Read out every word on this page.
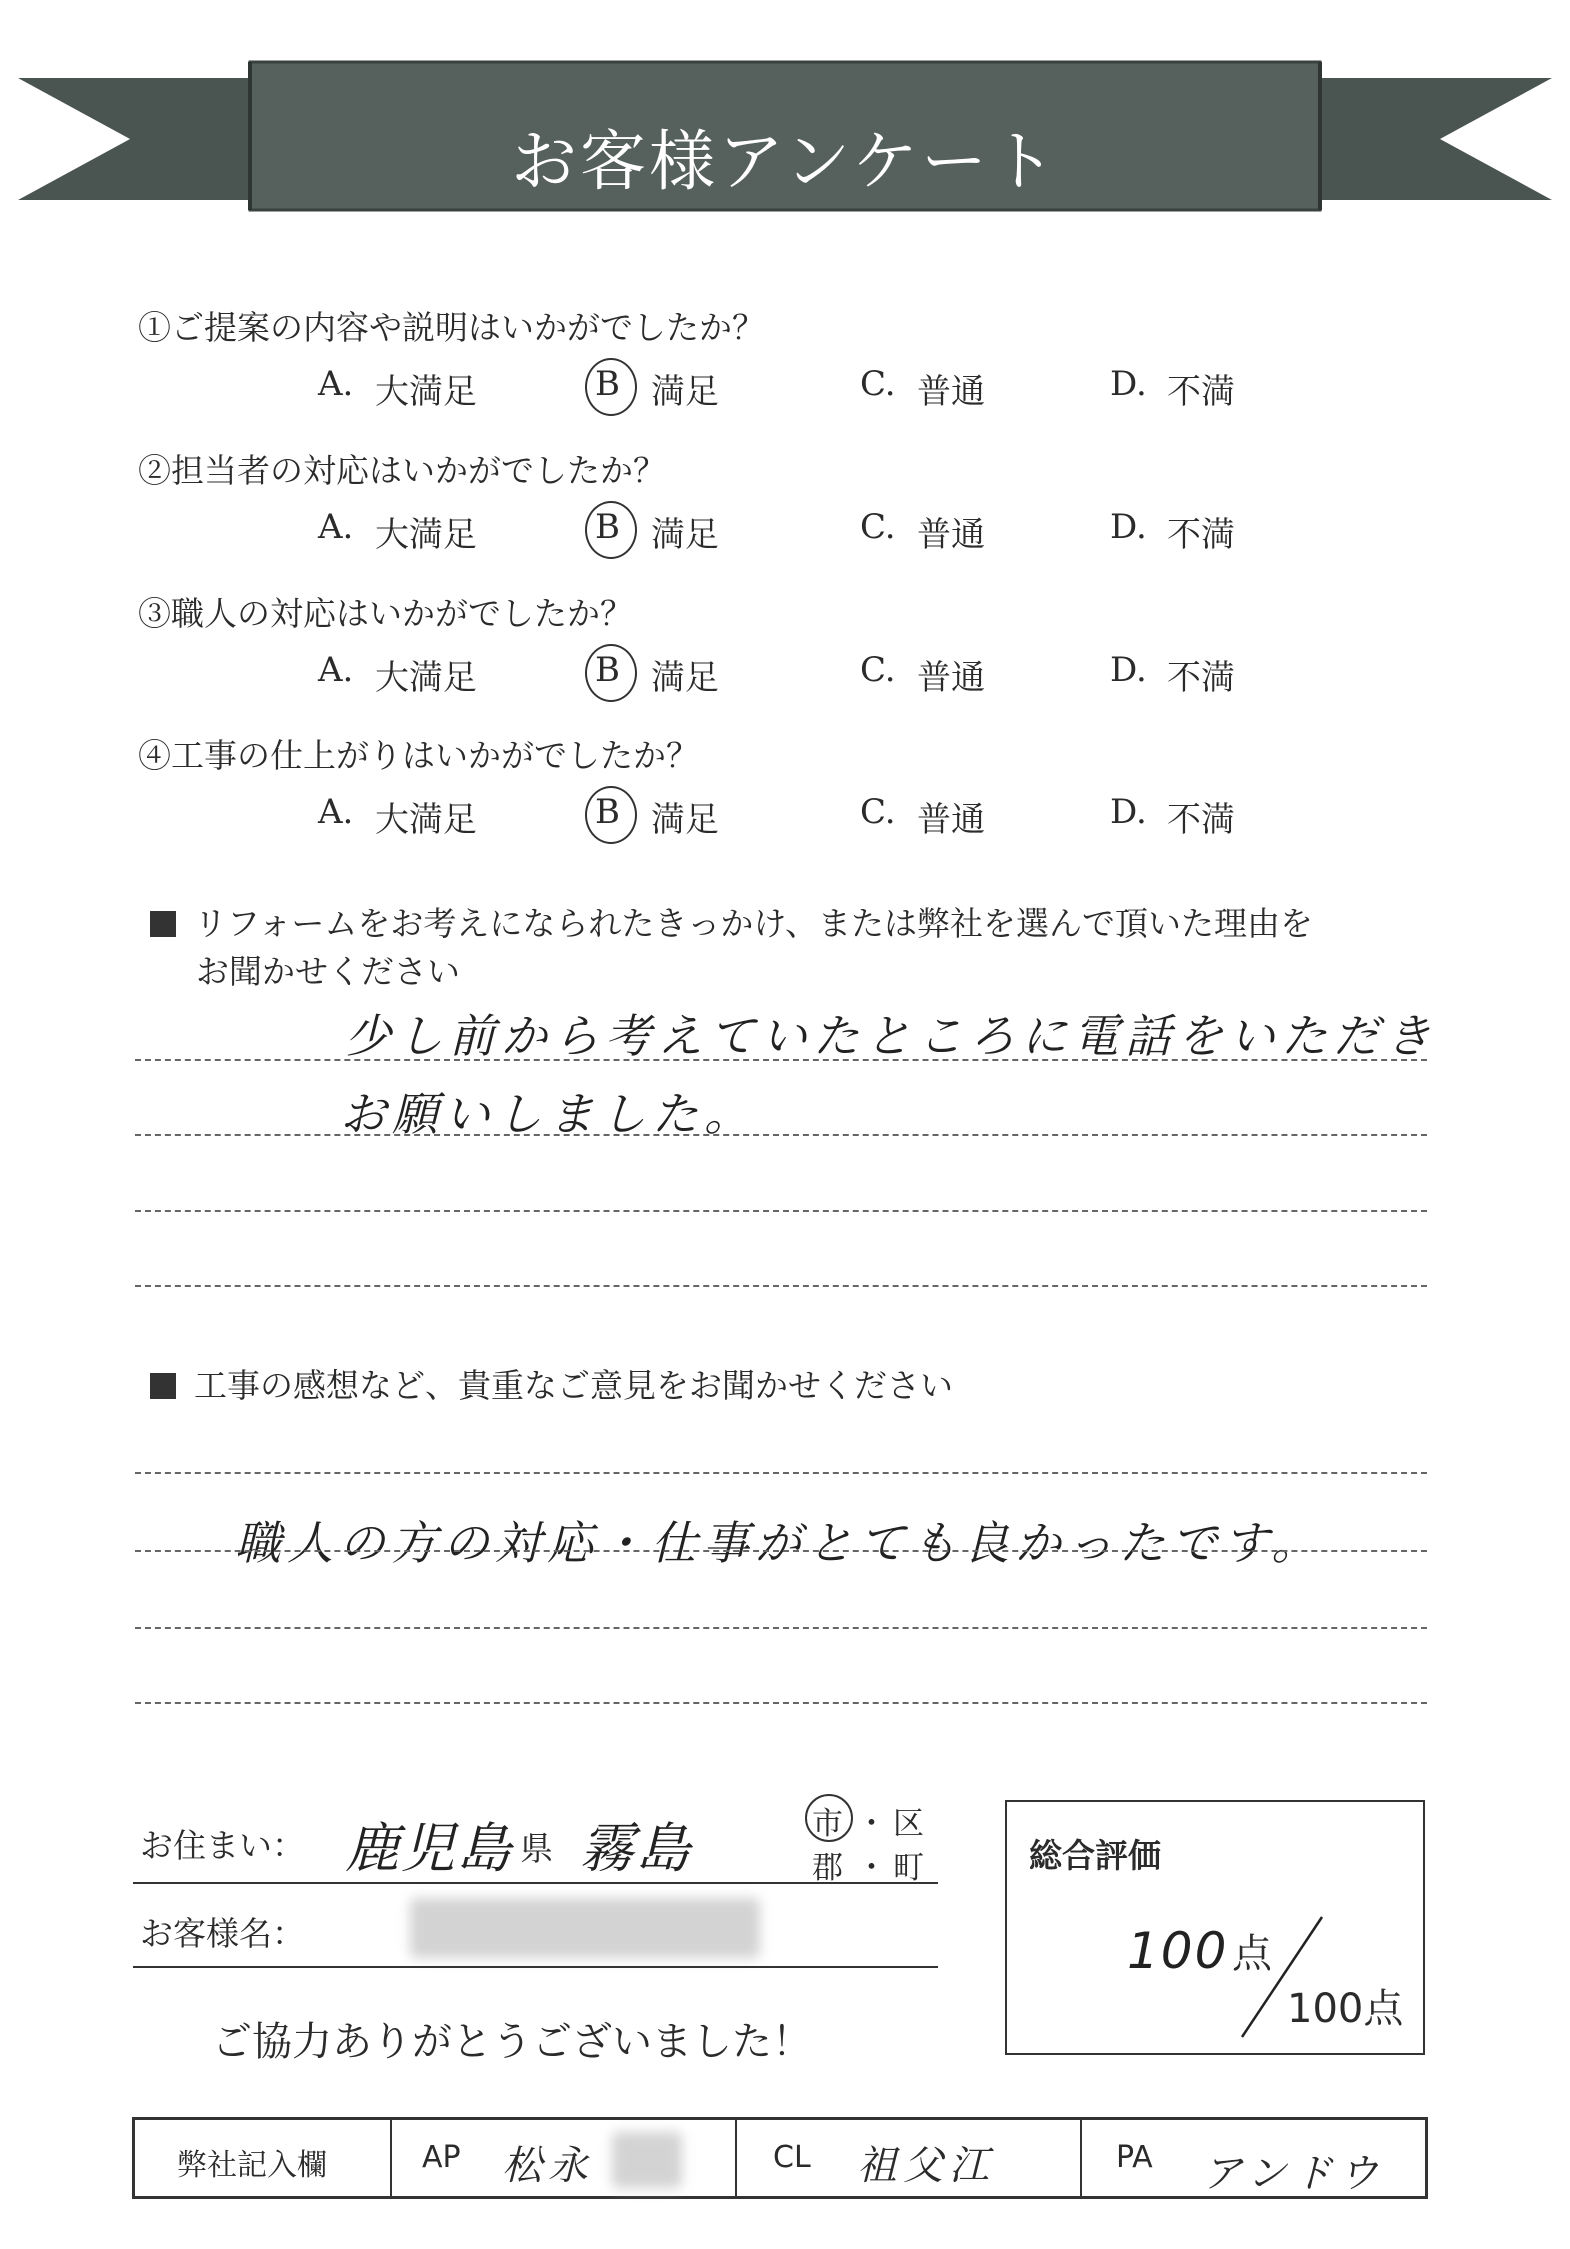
お客様アンケート
①ご提案の内容や説明はいかがでしたか？
A. 大満足	B 満足	C. 普通	D. 不満
②担当者の対応はいかがでしたか？
A. 大満足	B 満足	C. 普通	D. 不満
③職人の対応はいかがでしたか？
A. 大満足	B 満足	C. 普通	D. 不満
④工事の仕上がりはいかがでしたか？
A. 大満足	B 満足	C. 普通	D. 不満
リフォームをお考えになられたきっかけ、または弊社を選んで頂いた理由を
お聞かせください
少し前から考えていたところに電話をいただき
お願いしました。
工事の感想など、貴重なご意見をお聞かせください
職人の方の対応・仕事がとても良かったです。
お住まい： 鹿児島 県 霧島	市 ・ 区
郡 ・ 町
お客様名：
ご協力ありがとうございました！
総合評価
100 点
100点
弊社記入欄	AP 松永	CL 祖父江	PA アンドウ
